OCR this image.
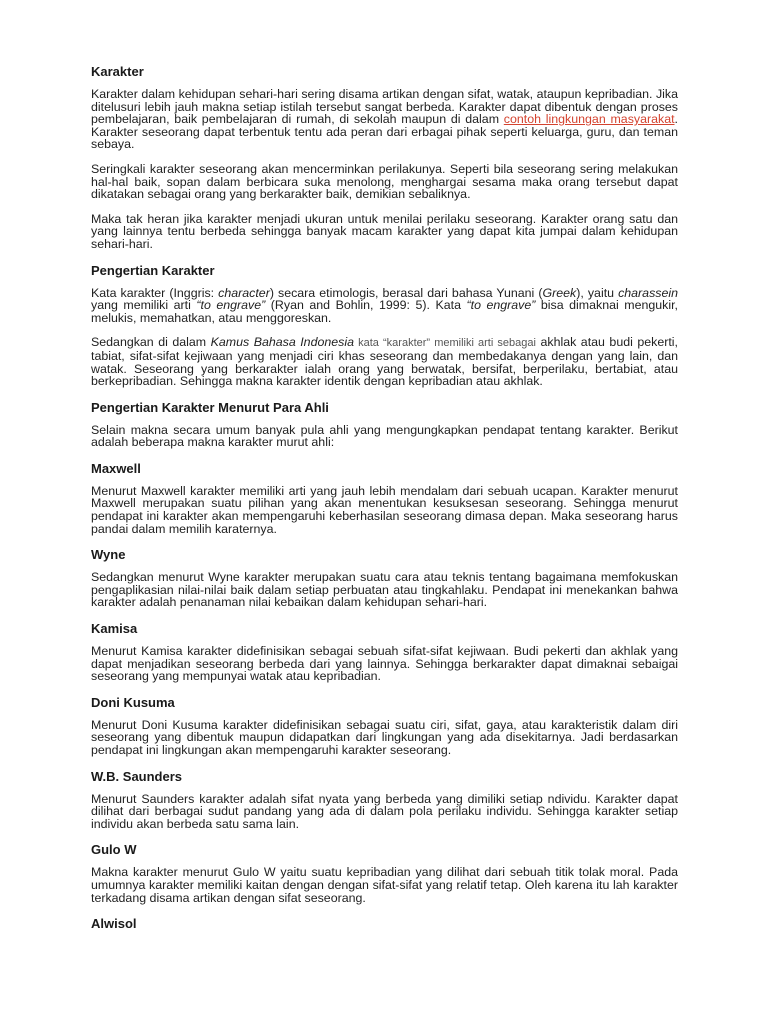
Karakter

Karakter dalam kehidupan sehari-hari sering disama artikan dengan sifat, watak, ataupun kepribadian. Jika ditelusuri lebih jauh makna setiap istilah tersebut sangat berbeda. Karakter dapat dibentuk dengan proses pembelajaran, baik pembelajaran di rumah, di sekolah maupun di dalam contoh lingkungan masyarakat. Karakter seseorang dapat terbentuk tentu ada peran dari erbagai pihak seperti keluarga, guru, dan teman sebaya.

Seringkali karakter seseorang akan mencerminkan perilakunya. Seperti bila seseorang sering melakukan hal-hal baik, sopan dalam berbicara suka menolong, menghargai sesama maka orang tersebut dapat dikatakan sebagai orang yang berkarakter baik, demikian sebaliknya.

Maka tak heran jika karakter menjadi ukuran untuk menilai perilaku seseorang. Karakter orang satu dan yang lainnya tentu berbeda sehingga banyak macam karakter yang dapat kita jumpai dalam kehidupan sehari-hari.

Pengertian Karakter

Kata karakter (Inggris: character) secara etimologis, berasal dari bahasa Yunani (Greek), yaitu charassein yang memiliki arti “to engrave” (Ryan and Bohlin, 1999: 5). Kata “to engrave” bisa dimaknai mengukir, melukis, memahatkan, atau menggoreskan.

Sedangkan di dalam Kamus Bahasa Indonesia kata “karakter” memiliki arti sebagai akhlak atau budi pekerti, tabiat, sifat-sifat kejiwaan yang menjadi ciri khas seseorang dan membedakanya dengan yang lain, dan watak. Seseorang yang berkarakter ialah orang yang berwatak, bersifat, berperilaku, bertabiat, atau berkepribadian. Sehingga makna karakter identik dengan kepribadian atau akhlak.

Pengertian Karakter Menurut Para Ahli

Selain makna secara umum banyak pula ahli yang mengungkapkan pendapat tentang karakter. Berikut adalah beberapa makna karakter murut ahli:

Maxwell

Menurut Maxwell karakter memiliki arti yang jauh lebih mendalam dari sebuah ucapan. Karakter menurut Maxwell merupakan suatu pilihan yang akan menentukan kesuksesan seseorang. Sehingga menurut pendapat ini karakter akan mempengaruhi keberhasilan seseorang dimasa depan. Maka seseorang harus pandai dalam memilih karaternya.

Wyne

Sedangkan menurut Wyne karakter merupakan suatu cara atau teknis tentang bagaimana memfokuskan pengaplikasian nilai-nilai baik dalam setiap perbuatan atau tingkahlaku. Pendapat ini menekankan bahwa karakter adalah penanaman nilai kebaikan dalam kehidupan sehari-hari.

Kamisa

Menurut Kamisa karakter didefinisikan sebagai sebuah sifat-sifat kejiwaan. Budi pekerti dan akhlak yang dapat menjadikan seseorang berbeda dari yang lainnya. Sehingga berkarakter dapat dimaknai sebaigai seseorang yang mempunyai watak atau kepribadian.

Doni Kusuma

Menurut Doni Kusuma karakter didefinisikan sebagai suatu ciri, sifat, gaya, atau karakteristik dalam diri seseorang yang dibentuk maupun didapatkan dari lingkungan yang ada disekitarnya. Jadi berdasarkan pendapat ini lingkungan akan mempengaruhi karakter seseorang.

W.B. Saunders

Menurut Saunders karakter adalah sifat nyata yang berbeda yang dimiliki setiap ndividu. Karakter dapat dilihat dari berbagai sudut pandang yang ada di dalam pola perilaku individu. Sehingga karakter setiap individu akan berbeda satu sama lain.

Gulo W

Makna karakter menurut Gulo W yaitu suatu kepribadian yang dilihat dari sebuah titik tolak moral. Pada umumnya karakter memiliki kaitan dengan dengan sifat-sifat yang relatif tetap. Oleh karena itu lah karakter terkadang disama artikan dengan sifat seseorang.

Alwisol
